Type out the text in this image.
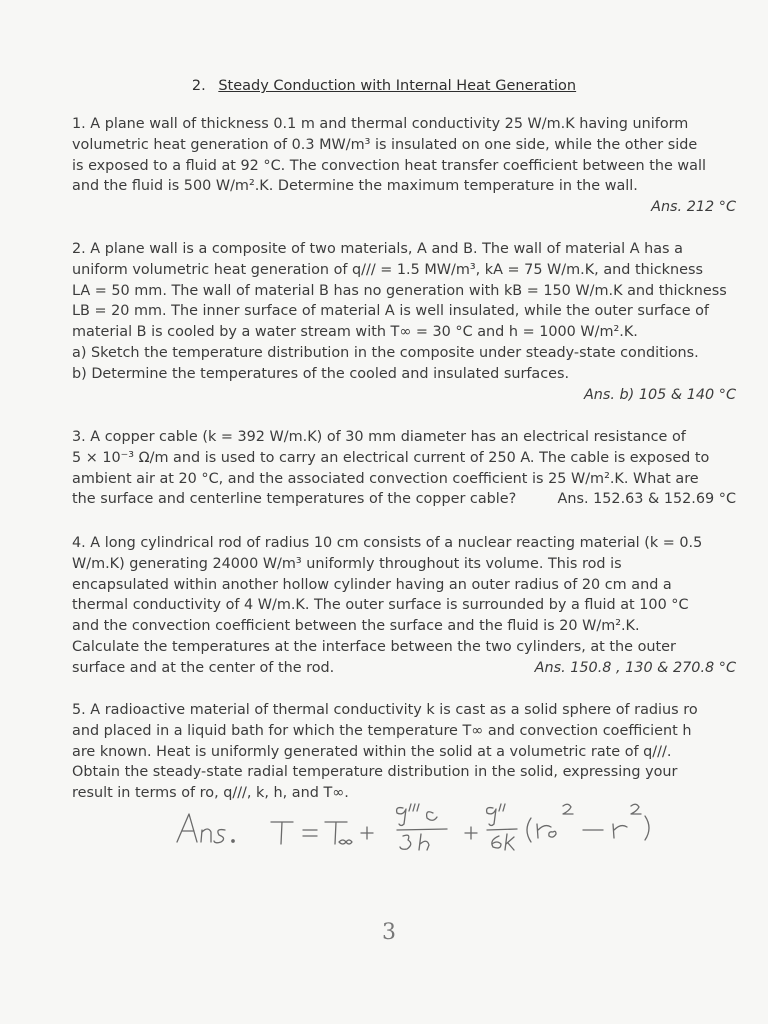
2. Steady Conduction with Internal Heat Generation
1. A plane wall of thickness 0.1 m and thermal conductivity 25 W/m.K having uniform
volumetric heat generation of 0.3 MW/m³ is insulated on one side, while the other side
is exposed to a fluid at 92 °C. The convection heat transfer coefficient between the wall
and the fluid is 500 W/m².K. Determine the maximum temperature in the wall.
Ans. 212 °C
2. A plane wall is a composite of two materials, A and B. The wall of material A has a
uniform volumetric heat generation of q/// = 1.5 MW/m³, kA = 75 W/m.K, and thickness
LA = 50 mm. The wall of material B has no generation with kB = 150 W/m.K and thickness
LB = 20 mm. The inner surface of material A is well insulated, while the outer surface of
material B is cooled by a water stream with T∞ = 30 °C and h = 1000 W/m².K.
a) Sketch the temperature distribution in the composite under steady-state conditions.
b) Determine the temperatures of the cooled and insulated surfaces.
Ans. b) 105 & 140 °C
3. A copper cable (k = 392 W/m.K) of 30 mm diameter has an electrical resistance of
5 × 10⁻³ Ω/m and is used to carry an electrical current of 250 A. The cable is exposed to
ambient air at 20 °C, and the associated convection coefficient is 25 W/m².K. What are
the surface and centerline temperatures of the copper cable?	Ans. 152.63 & 152.69 °C
4. A long cylindrical rod of radius 10 cm consists of a nuclear reacting material (k = 0.5
W/m.K) generating 24000 W/m³ uniformly throughout its volume. This rod is
encapsulated within another hollow cylinder having an outer radius of 20 cm and a
thermal conductivity of 4 W/m.K. The outer surface is surrounded by a fluid at 100 °C
and the convection coefficient between the surface and the fluid is 20 W/m².K.
Calculate the temperatures at the interface between the two cylinders, at the outer
surface and at the center of the rod.	Ans. 150.8 , 130 & 270.8 °C
5. A radioactive material of thermal conductivity k is cast as a solid sphere of radius ro
and placed in a liquid bath for which the temperature T∞ and convection coefficient h
are known. Heat is uniformly generated within the solid at a volumetric rate of q///.
Obtain the steady-state radial temperature distribution in the solid, expressing your
result in terms of ro, q///, k, h, and T∞.
3
